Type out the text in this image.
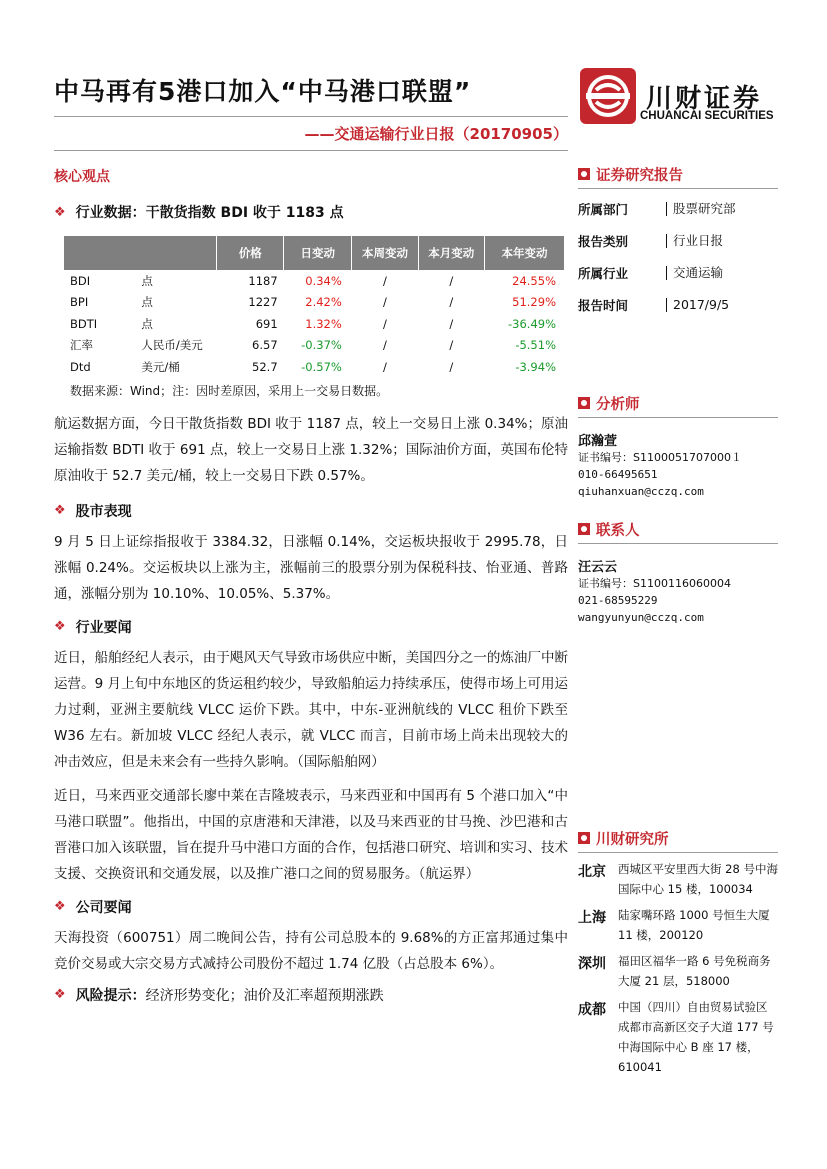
中马再有5港口加入“中马港口联盟”
——交通运输行业日报（20170905）
川财证券
CHUANCAI SECURITIES
核心观点
❖ 行业数据：干散货指数 BDI 收于 1183 点
		价格	日变动	本周变动	本月变动	本年变动
BDI	点	1187	0.34%	/	/	24.55%
BPI	点	1227	2.42%	/	/	51.29%
BDTI	点	691	1.32%	/	/	-36.49%
汇率	人民币/美元	6.57	-0.37%	/	/	-5.51%
Dtd	美元/桶	52.7	-0.57%	/	/	-3.94%
数据来源：Wind；注：因时差原因，采用上一交易日数据。
航运数据方面，今日干散货指数 BDI 收于 1187 点，较上一交易日上涨 0.34%；原油运输指数 BDTI 收于 691 点，较上一交易日上涨 1.32%；国际油价方面，英国布伦特原油收于 52.7 美元/桶，较上一交易日下跌 0.57%。
❖ 股市表现
9 月 5 日上证综指报收于 3384.32，日涨幅 0.14%，交运板块报收于 2995.78，日涨幅 0.24%。交运板块以上涨为主，涨幅前三的股票分别为保税科技、怡亚通、普路通，涨幅分别为 10.10%、10.05%、5.37%。
❖ 行业要闻
近日，船舶经纪人表示，由于飓风天气导致市场供应中断，美国四分之一的炼油厂中断运营。9 月上旬中东地区的货运租约较少，导致船舶运力持续承压，使得市场上可用运力过剩，亚洲主要航线 VLCC 运价下跌。其中，中东-亚洲航线的 VLCC 租价下跌至 W36 左右。新加坡 VLCC 经纪人表示，就 VLCC 而言，目前市场上尚未出现较大的冲击效应，但是未来会有一些持久影响。（国际船舶网）
近日，马来西亚交通部长廖中莱在吉隆坡表示，马来西亚和中国再有 5 个港口加入“中马港口联盟”。他指出，中国的京唐港和天津港，以及马来西亚的甘马挽、沙巴港和古晋港口加入该联盟，旨在提升马中港口方面的合作，包括港口研究、培训和实习、技术支援、交换资讯和交通发展，以及推广港口之间的贸易服务。（航运界）
❖ 公司要闻
天海投资（600751）周二晚间公告，持有公司总股本的 9.68%的方正富邦通过集中竞价交易或大宗交易方式减持公司股份不超过 1.74 亿股（占总股本 6%）。
❖ 风险提示：经济形势变化；油价及汇率超预期涨跌
证券研究报告
所属部门	股票研究部
报告类别	行业日报
所属行业	交通运输
报告时间	2017/9/5
分析师
邱瀚萱
证书编号：S1100051707000１
010-66495651
qiuhanxuan@cczq.com
联系人
汪云云
证书编号：S1100116060004
021-68595229
wangyunyun@cczq.com
川财研究所
北京	西城区平安里西大街 28 号中海国际中心 15 楼，100034
上海	陆家嘴环路 1000 号恒生大厦 11 楼，200120
深圳	福田区福华一路 6 号免税商务大厦 21 层，518000
成都	中国（四川）自由贸易试验区成都市高新区交子大道 177 号中海国际中心 B 座 17 楼，610041
